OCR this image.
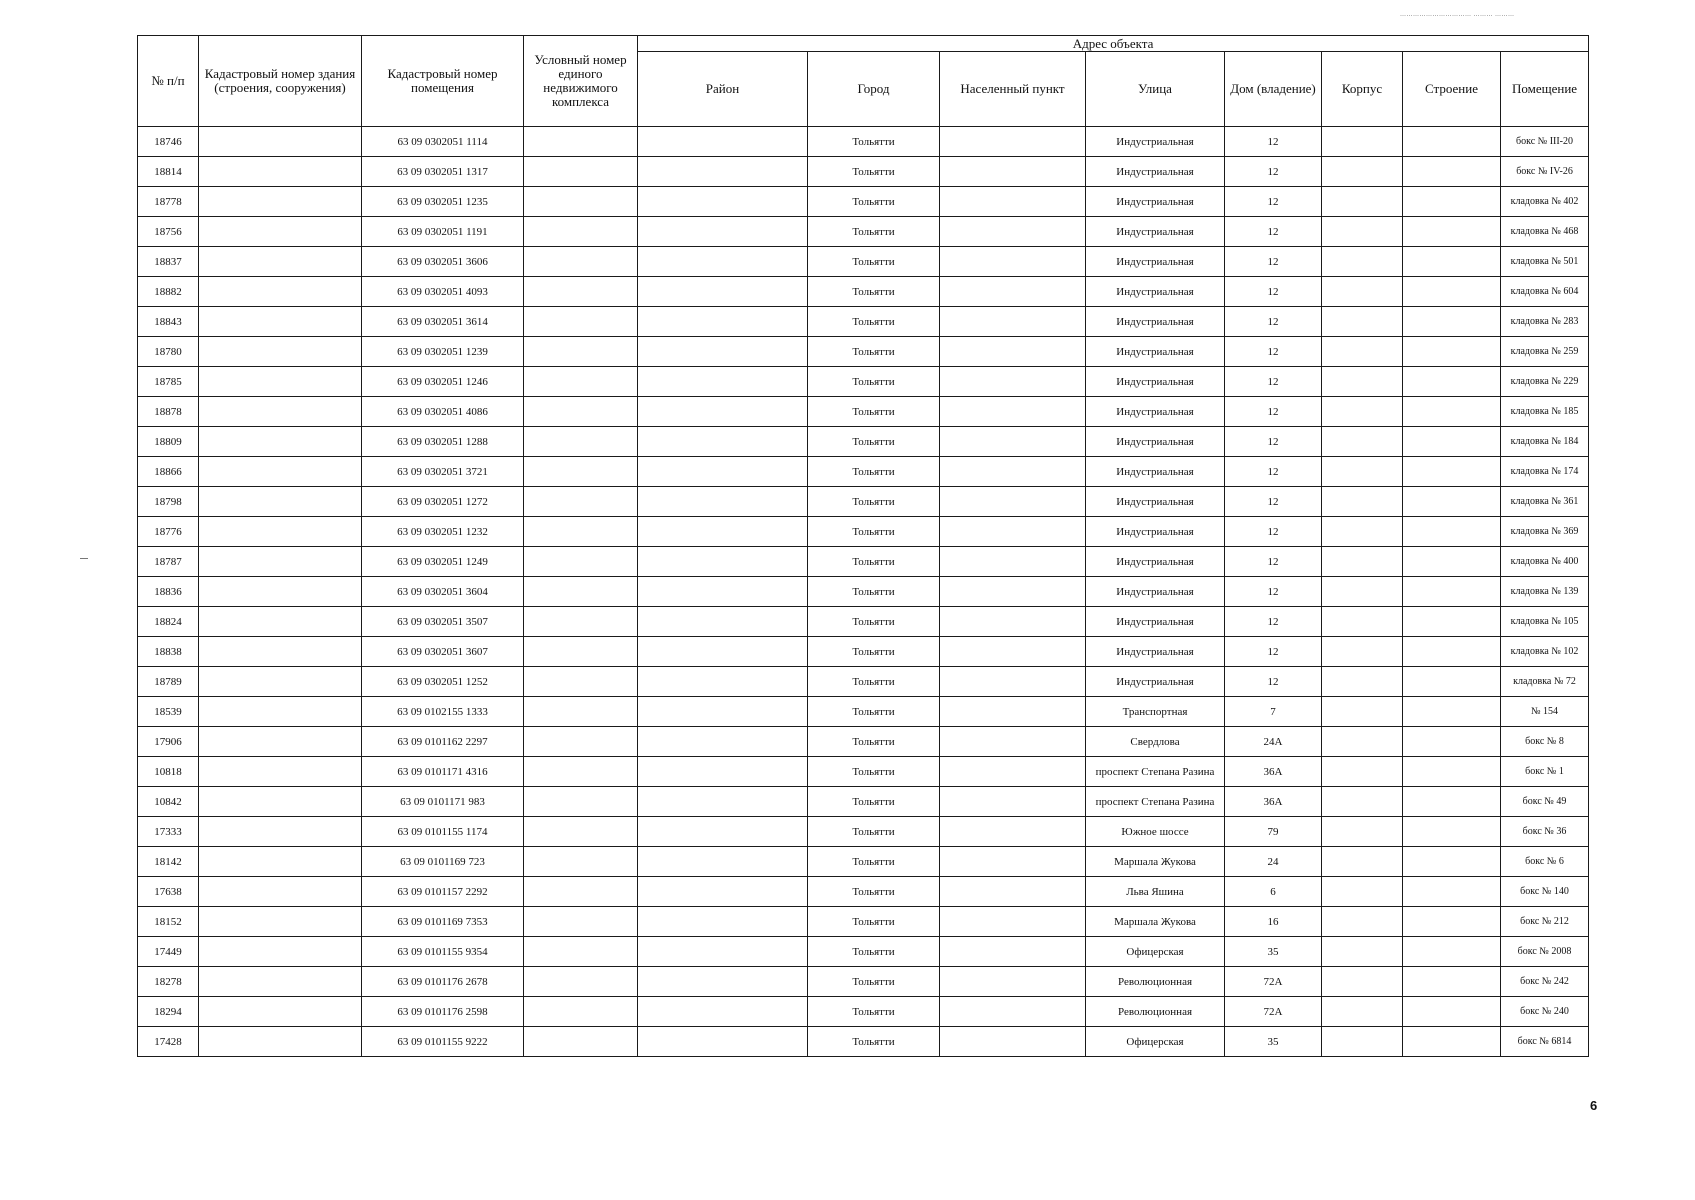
…………………………… ……… ………
№ п/п	Кадастровый номер здания (строения, сооружения)	Кадастровый номер помещения	Условный номер единого недвижимого комплекса	Адрес объекта							
				Район	Город	Населенный пункт	Улица	Дом (владение)	Корпус	Строение	Помещение
18746		63 09 0302051 1114			Тольятти		Индустриальная	12			бокс № III-20
18814		63 09 0302051 1317			Тольятти		Индустриальная	12			бокс № IV-26
18778		63 09 0302051 1235			Тольятти		Индустриальная	12			кладовка № 402
18756		63 09 0302051 1191			Тольятти		Индустриальная	12			кладовка № 468
18837		63 09 0302051 3606			Тольятти		Индустриальная	12			кладовка № 501
18882		63 09 0302051 4093			Тольятти		Индустриальная	12			кладовка № 604
18843		63 09 0302051 3614			Тольятти		Индустриальная	12			кладовка № 283
18780		63 09 0302051 1239			Тольятти		Индустриальная	12			кладовка № 259
18785		63 09 0302051 1246			Тольятти		Индустриальная	12			кладовка № 229
18878		63 09 0302051 4086			Тольятти		Индустриальная	12			кладовка № 185
18809		63 09 0302051 1288			Тольятти		Индустриальная	12			кладовка № 184
18866		63 09 0302051 3721			Тольятти		Индустриальная	12			кладовка № 174
18798		63 09 0302051 1272			Тольятти		Индустриальная	12			кладовка № 361
18776		63 09 0302051 1232			Тольятти		Индустриальная	12			кладовка № 369
18787		63 09 0302051 1249			Тольятти		Индустриальная	12			кладовка № 400
18836		63 09 0302051 3604			Тольятти		Индустриальная	12			кладовка № 139
18824		63 09 0302051 3507			Тольятти		Индустриальная	12			кладовка № 105
18838		63 09 0302051 3607			Тольятти		Индустриальная	12			кладовка № 102
18789		63 09 0302051 1252			Тольятти		Индустриальная	12			кладовка № 72
18539		63 09 0102155 1333			Тольятти		Транспортная	7			№ 154
17906		63 09 0101162 2297			Тольятти		Свердлова	24А			бокс № 8
10818		63 09 0101171 4316			Тольятти		проспект Степана Разина	36А			бокс № 1
10842		63 09 0101171 983			Тольятти		проспект Степана Разина	36А			бокс № 49
17333		63 09 0101155 1174			Тольятти		Южное шоссе	79			бокс № 36
18142		63 09 0101169 723			Тольятти		Маршала Жукова	24			бокс № 6
17638		63 09 0101157 2292			Тольятти		Льва Яшина	6			бокс № 140
18152		63 09 0101169 7353			Тольятти		Маршала Жукова	16			бокс № 212
17449		63 09 0101155 9354			Тольятти		Офицерская	35			бокс № 2008
18278		63 09 0101176 2678			Тольятти		Революционная	72А			бокс № 242
18294		63 09 0101176 2598			Тольятти		Революционная	72А			бокс № 240
17428		63 09 0101155 9222			Тольятти		Офицерская	35			бокс № 6814
6
